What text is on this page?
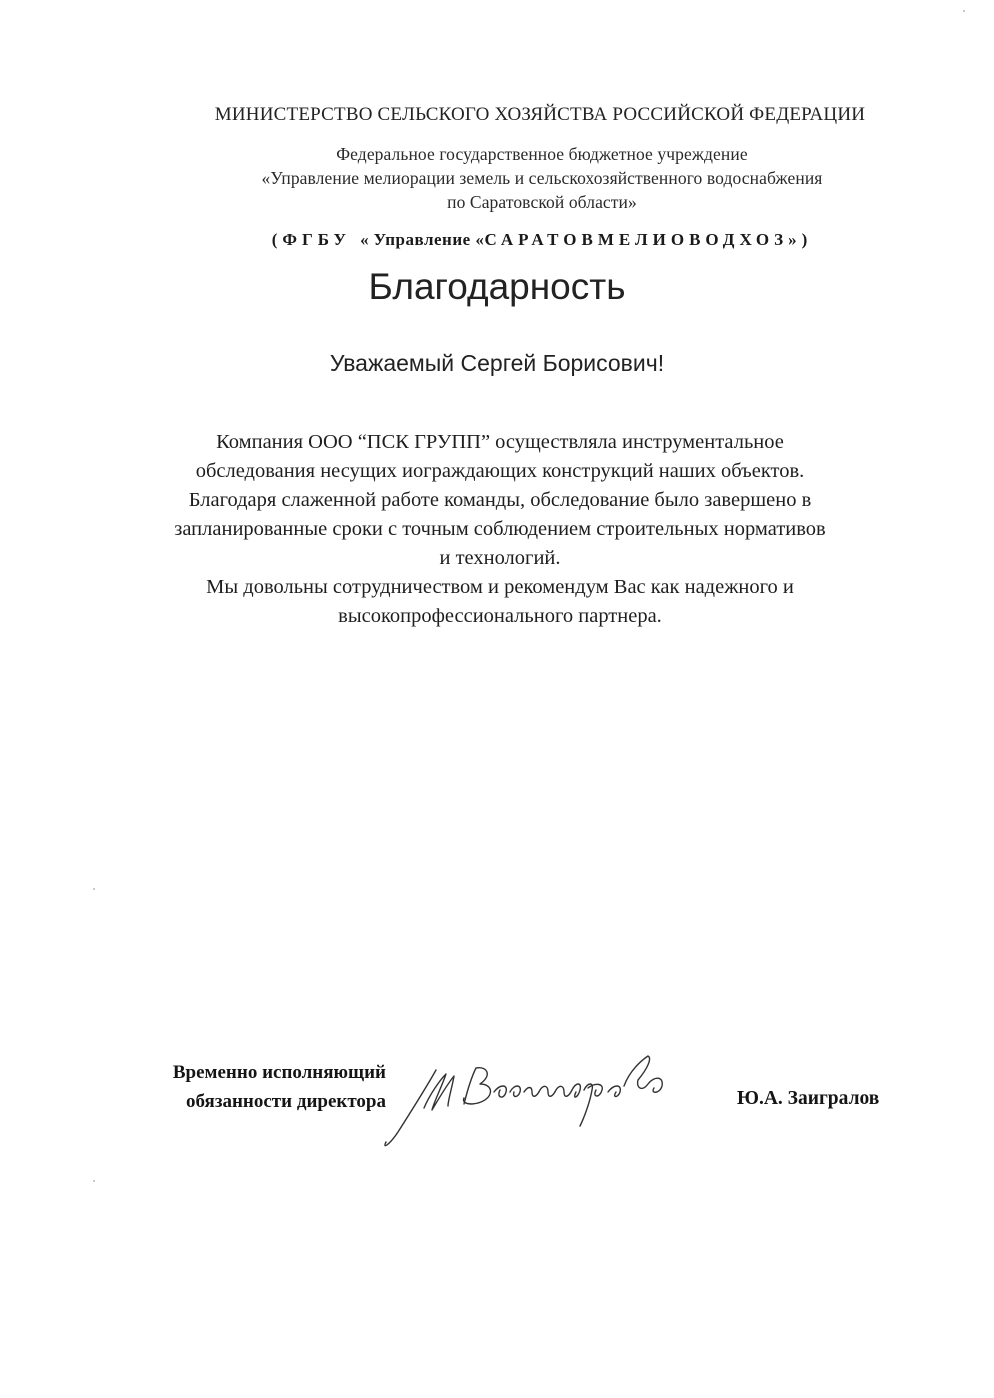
МИНИСТЕРСТВО СЕЛЬСКОГО ХОЗЯЙСТВА РОССИЙСКОЙ ФЕДЕРАЦИИ
Федеральное государственное бюджетное учреждение
«Управление мелиорации земель и сельскохозяйственного водоснабжения
по Саратовской области»
(ФГБУ «Управление «САРАТОВМЕЛИОВОДХОЗ»)
Благодарность
Уважаемый Сергей Борисович!
Компания ООО “ПСК ГРУПП” осуществляла инструментальное
обследования несущих иограждающих конструкций наших объектов.
Благодаря слаженной работе команды, обследование было завершено в
запланированные сроки с точным соблюдением строительных нормативов
и технологий.
Мы довольны сотрудничеством и рекомендум Вас как надежного и
высокопрофессионального партнера.
Временно исполняющий
обязанности директора	Ю.А. Заигралов
